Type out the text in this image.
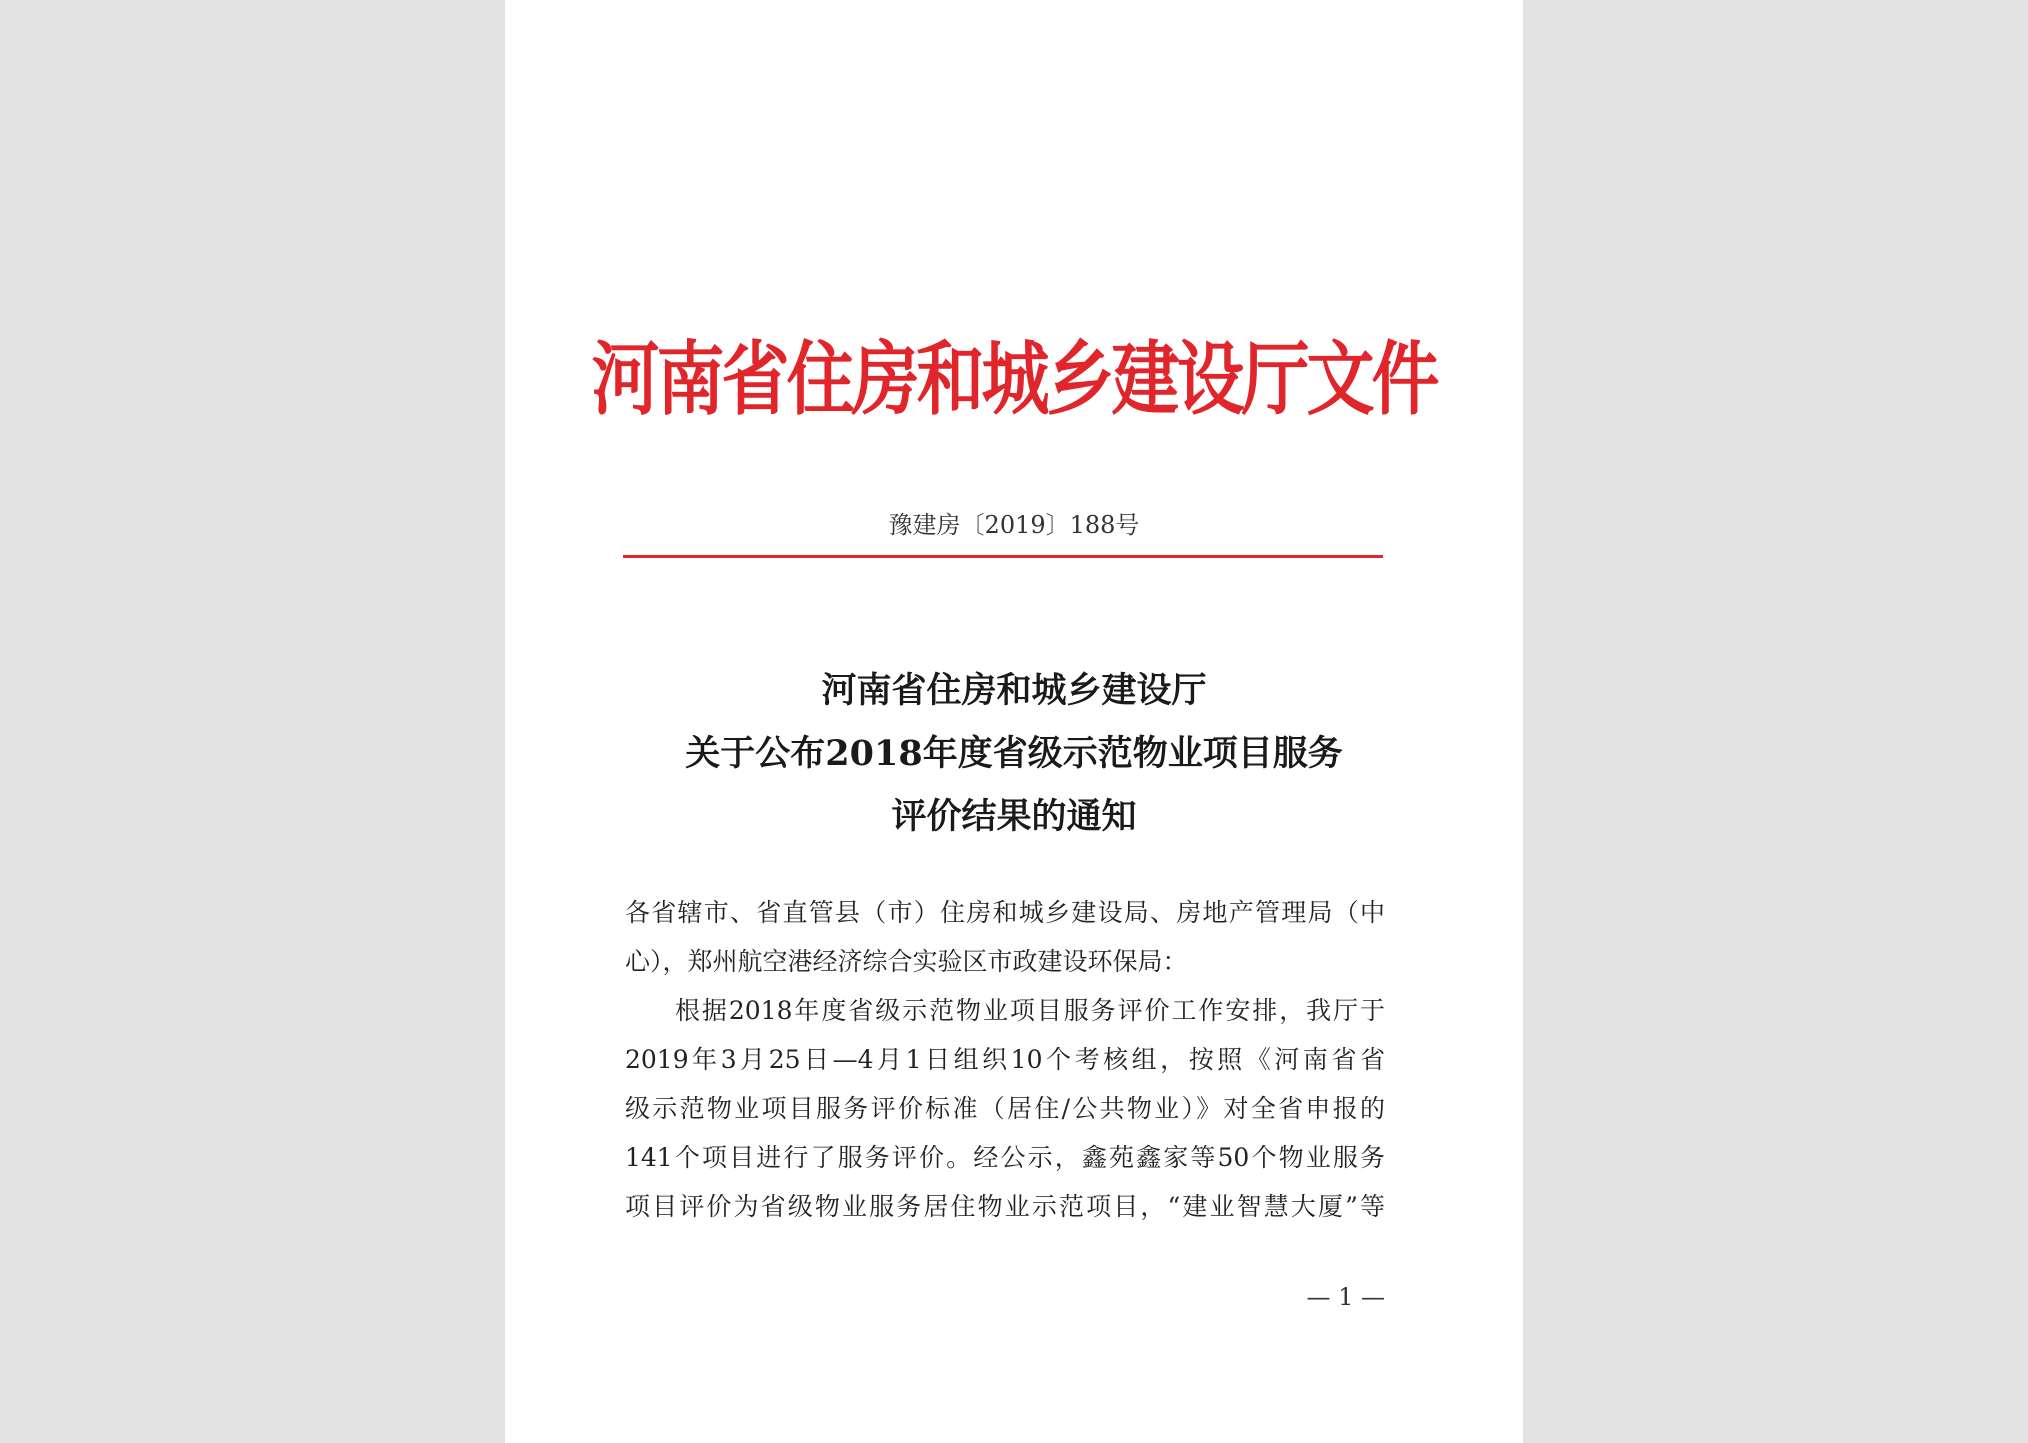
河南省住房和城乡建设厅文件
豫建房〔2019〕188号
河南省住房和城乡建设厅
关于公布2018年度省级示范物业项目服务
评价结果的通知
各省辖市、省直管县（市）住房和城乡建设局、房地产管理局（中
心），郑州航空港经济综合实验区市政建设环保局：
根据2018年度省级示范物业项目服务评价工作安排，我厅于
2019年3月25日—4月1日组织10个考核组，按照《河南省省
级示范物业项目服务评价标准（居住/公共物业）》对全省申报的
141个项目进行了服务评价。经公示，鑫苑鑫家等50个物业服务
项目评价为省级物业服务居住物业示范项目，“建业智慧大厦”等
— 1 —
